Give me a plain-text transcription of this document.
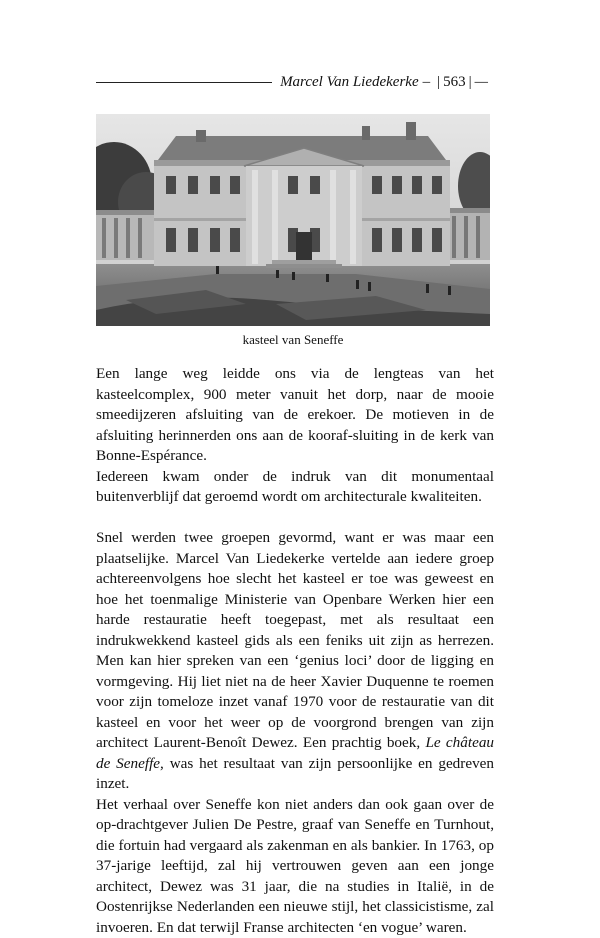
Marcel Van Liedekerke – | 563 | —
kasteel van Seneffe

Een lange weg leidde ons via de lengteas van het kasteelcomplex, 900 meter vanuit het dorp, naar de mooie smeedijzeren afsluiting van de erekoer. De motieven in de afsluiting herinnerden ons aan de kooraf-sluiting in de kerk van Bonne-Espérance.

Iedereen kwam onder de indruk van dit monumentaal buitenverblijf dat geroemd wordt om architecturale kwaliteiten.

Snel werden twee groepen gevormd, want er was maar een plaatselijke. Marcel Van Liedekerke vertelde aan iedere groep achtereenvolgens hoe slecht het kasteel er toe was geweest en hoe het toenmalige Ministerie van Openbare Werken hier een harde restauratie heeft toegepast, met als resultaat een indrukwekkend kasteel gids als een feniks uit zijn as herrezen. Men kan hier spreken van een ‘genius loci’ door de ligging en vormgeving. Hij liet niet na de heer Xavier Duquenne te roemen voor zijn tomeloze inzet vanaf 1970 voor de restauratie van dit kasteel en voor het weer op de voorgrond brengen van zijn architect Laurent-Benoît Dewez. Een prachtig boek, Le château de Seneffe, was het resultaat van zijn persoonlijke en gedreven inzet.

Het verhaal over Seneffe kon niet anders dan ook gaan over de op-drachtgever Julien De Pestre, graaf van Seneffe en Turnhout, die fortuin had vergaard als zakenman en als bankier. In 1763, op 37-jarige leeftijd, zal hij vertrouwen geven aan een jonge architect, Dewez was 31 jaar, die na studies in Italië, in de Oostenrijkse Nederlanden een nieuwe stijl, het classicistisme, zal invoeren. En dat terwijl Franse architecten ‘en vogue’ waren.
